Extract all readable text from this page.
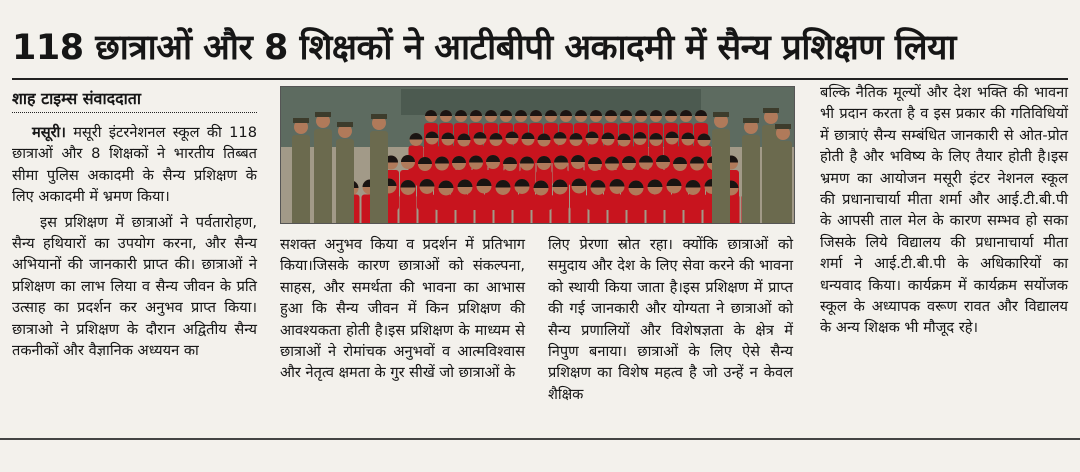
118 छात्राओं और 8 शिक्षकों ने आटीबीपी अकादमी में सैन्य प्रशिक्षण लिया
शाह टाइम्स संवाददाता

मसूरी। मसूरी इंटरनेशनल स्कूल की 118 छात्राओं और 8 शिक्षकों ने भारतीय तिब्बत सीमा पुलिस अकादमी के सैन्य प्रशिक्षण के लिए अकादमी में भ्रमण किया।

इस प्रशिक्षण में छात्राओं ने पर्वतारोहण, सैन्य हथियारों का उपयोग करना, और सैन्य अभियानों की जानकारी प्राप्त की। छात्राओं ने प्रशिक्षण का लाभ लिया व सैन्य जीवन के प्रति उत्साह का प्रदर्शन कर अनुभव प्राप्त किया। छात्राओ ने प्रशिक्षण के दौरान अद्वितीय सैन्य तकनीकों और वैज्ञानिक अध्ययन का

सशक्त अनुभव किया व प्रदर्शन में प्रतिभाग किया।जिसके कारण छात्राओं को संकल्पना, साहस, और समर्थता की भावना का आभास हुआ कि सैन्य जीवन में किन प्रशिक्षण की आवश्यकता होती है।इस प्रशिक्षण के माध्यम से छात्राओं ने रोमांचक अनुभवों व आत्मविश्वास और नेतृत्व क्षमता के गुर सीखें जो छात्राओं के

लिए प्रेरणा स्रोत रहा। क्योंकि छात्राओं को समुदाय और देश के लिए सेवा करने की भावना को स्थायी किया जाता है।इस प्रशिक्षण में प्राप्त की गई जानकारी और योग्यता ने छात्राओं को सैन्य प्रणालियों और विशेषज्ञता के क्षेत्र में निपुण बनाया। छात्राओं के लिए ऐसे सैन्य प्रशिक्षण का विशेष महत्व है जो उन्हें न केवल शैक्षिक

बल्कि नैतिक मूल्यों और देश भक्ति की भावना भी प्रदान करता है व इस प्रकार की गतिविधियों में छात्राएं सैन्य सम्बंधित जानकारी से ओत-प्रोत होती है और भविष्य के लिए तैयार होती है।इस भ्रमण का आयोजन मसूरी इंटर नेशनल स्कूल की प्रधानाचार्या मीता शर्मा और आई.टी.बी.पी के आपसी ताल मेल के कारण सम्भव हो सका जिसके लिये विद्यालय की प्रधानाचार्या मीता शर्मा ने आई.टी.बी.पी के अधिकारियों का धन्यवाद किया। कार्यक्रम में कार्यक्रम सयोंजक स्कूल के अध्यापक वरूण रावत और विद्यालय के अन्य शिक्षक भी मौजूद रहे।
